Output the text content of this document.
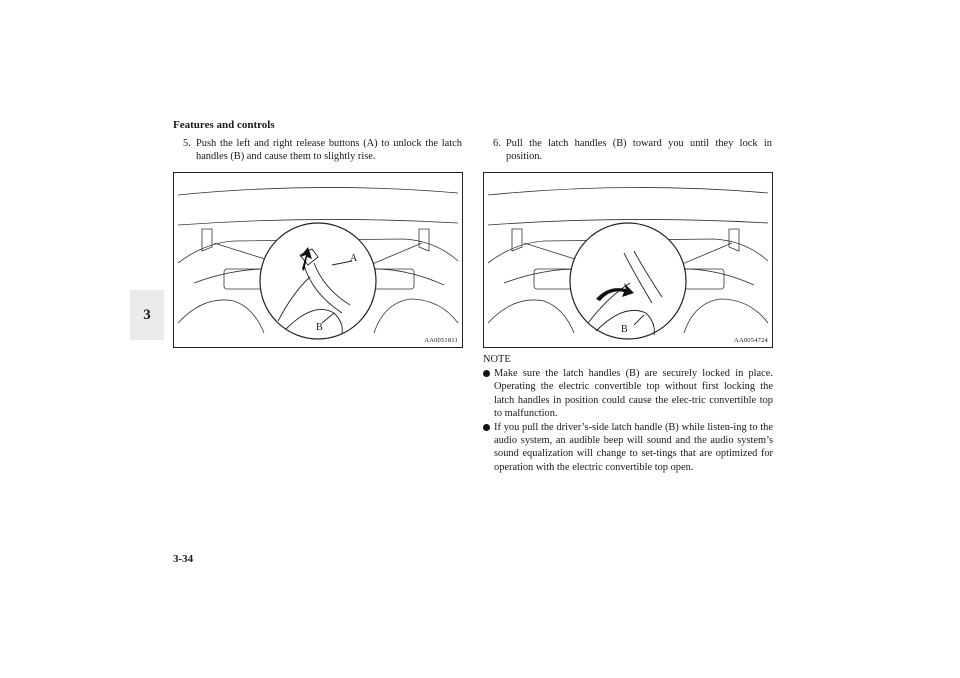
Features and controls
3
5. Push the left and right release buttons (A) to unlock the latch handles (B) and cause them to slightly rise.
A
B
AA0051811
6. Pull the latch handles (B) toward you until they lock in position.
B
AA0054724
NOTE
Make sure the latch handles (B) are securely locked in place. Operating the electric convertible top without first locking the latch handles in position could cause the elec-tric convertible top to malfunction.
If you pull the driver’s-side latch handle (B) while listen-ing to the audio system, an audible beep will sound and the audio system’s sound equalization will change to set-tings that are optimized for operation with the electric convertible top open.
3-34
